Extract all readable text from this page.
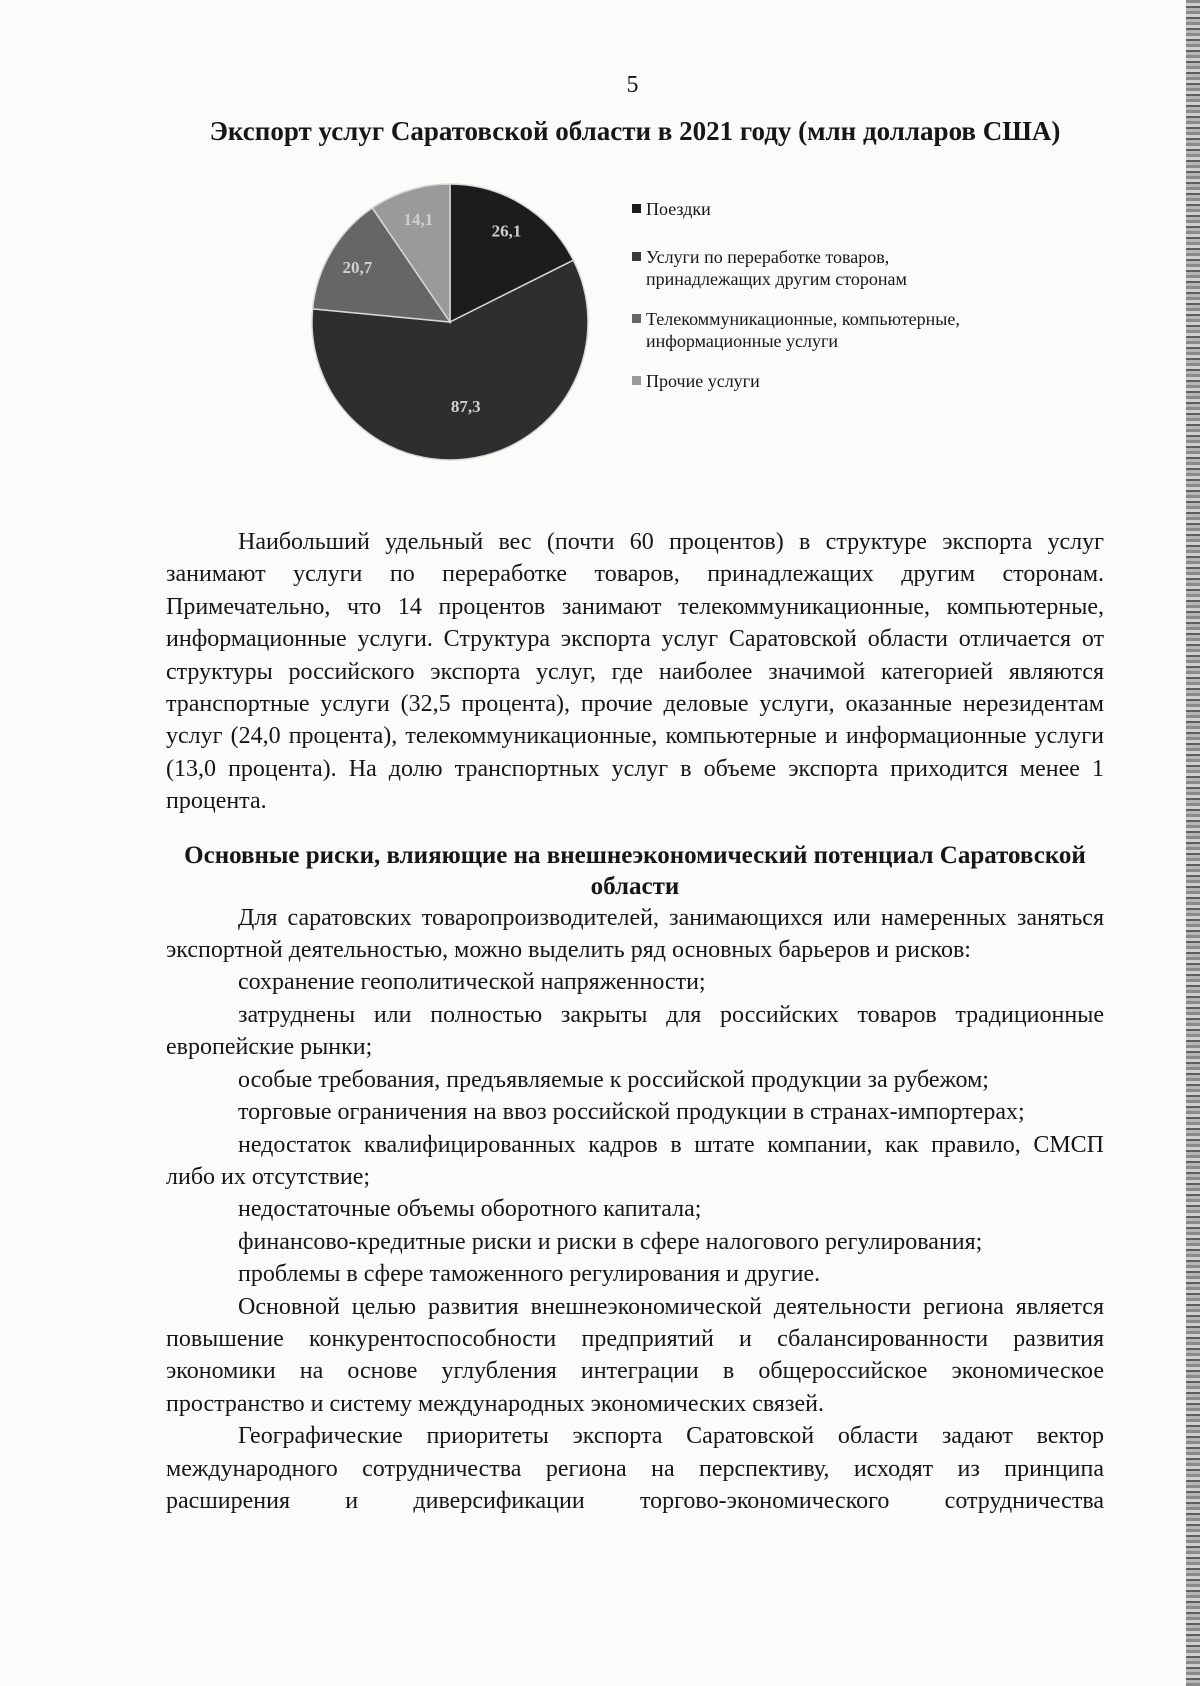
5
Экспорт услуг Саратовской области в 2021 году (млн долларов США)
26,1
87,3
20,7
14,1
Поездки
Услуги по переработке товаров,
принадлежащих другим сторонам
Телекоммуникационные, компьютерные,
информационные услуги
Прочие услуги

Наибольший удельный вес (почти 60 процентов) в структуре экспорта услуг занимают услуги по переработке товаров, принадлежащих другим сторонам. Примечательно, что 14 процентов занимают телекоммуникационные, компьютерные, информационные услуги. Структура экспорта услуг Саратовской области отличается от структуры российского экспорта услуг, где наиболее значимой категорией являются транспортные услуги (32,5 процента), прочие деловые услуги, оказанные нерезидентам услуг (24,0 процента), телекоммуникационные, компьютерные и информационные услуги (13,0 процента). На долю транспортных услуг в объеме экспорта приходится менее 1 процента.

Основные риски, влияющие на внешнеэкономический потенциал Саратовской области

Для саратовских товаропроизводителей, занимающихся или намеренных заняться экспортной деятельностью, можно выделить ряд основных барьеров и рисков:

сохранение геополитической напряженности;

затруднены или полностью закрыты для российских товаров традиционные европейские рынки;

особые требования, предъявляемые к российской продукции за рубежом;

торговые ограничения на ввоз российской продукции в странах-импортерах;

недостаток квалифицированных кадров в штате компании, как правило, СМСП либо их отсутствие;

недостаточные объемы оборотного капитала;

финансово-кредитные риски и риски в сфере налогового регулирования;

проблемы в сфере таможенного регулирования и другие.

Основной целью развития внешнеэкономической деятельности региона является повышение конкурентоспособности предприятий и сбалансированности развития экономики на основе углубления интеграции в общероссийское экономическое пространство и систему международных экономических связей.

Географические приоритеты экспорта Саратовской области задают вектор международного сотрудничества региона на перспективу, исходят из принципа расширения и диверсификации торгово-экономического сотрудничества
